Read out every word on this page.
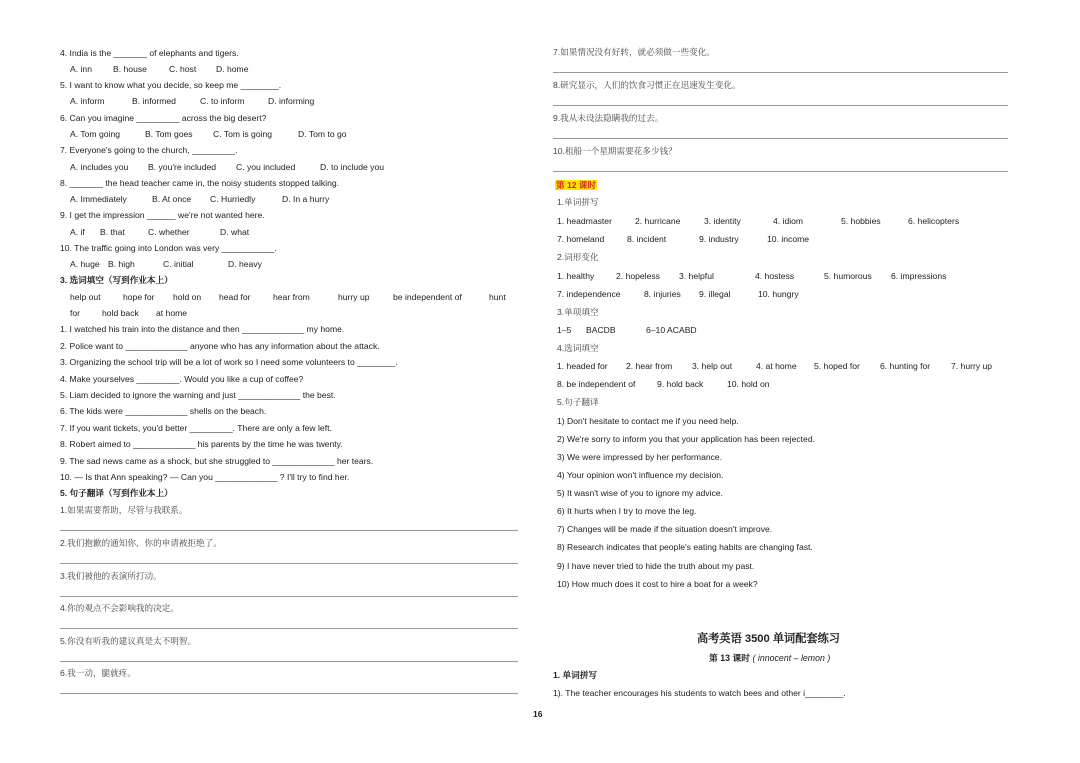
4. India is the _______ of elephants and tigers.
A. inn B. house	C. host D. home
5. I want to know what you decide, so keep me ________.
A. inform	B. informed	C. to inform	D. informing
6. Can you imagine _________ across the big desert?
A. Tom going	B. Tom goes C. Tom is going	D. Tom to go
7. Everyone's going to the church, _________.
A. includes you B. you're included C. you included	D. to include you
8. _______ the head teacher came in, the noisy students stopped talking.
A. Immediately	B. At once C. Hurriedly	D. In a hurry
9. I get the impression ______ we're not wanted here.
A. if B. that	C. whether	D. what
10. The traffic going into London was very ___________.
A. huge B. high	C. initial	D. heavy
3. 选词填空（写到作业本上）
help out	hope for hold on head for	hear from	hurry up	be independent of	hunt
for	hold back at home
1. I watched his train into the distance and then _____________ my home.
2. Police want to _____________ anyone who has any information about the attack.
3. Organizing the school trip will be a lot of work so I need some volunteers to ________.
4. Make yourselves _________. Would you like a cup of coffee?
5. Liam decided to ignore the warning and just _____________ the best.
6. The kids were _____________ shells on the beach.
7. If you want tickets, you'd better _________. There are only a few left.
8. Robert aimed to _____________ his parents by the time he was twenty.
9. The sad news came as a shock, but she struggled to _____________ her tears.
10. — Is that Ann speaking? — Can you _____________ ? I'll try to find her.
5. 句子翻译（写到作业本上）
1.如果需要帮助，尽管与我联系。
2.我们抱歉的通知你，你的申请被拒绝了。
3.我们被他的表演所打动。
4.你的观点不会影响我的决定。
5.你没有听我的建议真是太不明智。
6.我一动，腿就疼。
7.如果情况没有好转，就必须做一些变化。
8.研究显示，人们的饮食习惯正在迅速发生变化。
9.我从未设法隐瞒我的过去。
10.租船一个星期需要花多少钱？
第 12 课时
1.单词拼写
1. headmaster	2. hurricane	3. identity	4. idiom	5. hobbies	6. helicopters
7. homeland	8. incident	9. industry	10. income
2.词形变化
1. healthy	2. hopeless 3. helpful	4. hostess	5. humorous 6. impressions
7. independence	8. injuries 9. illegal	10. hungry
3.单项填空
1–5 BACDB	6–10 ACABD
4.选词填空
1. headed for 2. hear from 3. help out	4. at home 5. hoped for 6. hunting for 7. hurry up
8. be independent of	9. hold back	10. hold on
5.句子翻译
1) Don't hesitate to contact me if you need help.
2) We're sorry to inform you that your application has been rejected.
3) We were impressed by her performance.
4) Your opinion won't influence my decision.
5) It wasn't wise of you to ignore my advice.
6) It hurts when I try to move the leg.
7) Changes will be made if the situation doesn't improve.
8) Research indicates that people's eating habits are changing fast.
9) I have never tried to hide the truth about my past.
10) How much does it cost to hire a boat for a week?
高考英语 3500 单词配套练习
第 13 课时 ( innocent – lemon )
1. 单词拼写
1). The teacher encourages his students to watch bees and other i________.
16
